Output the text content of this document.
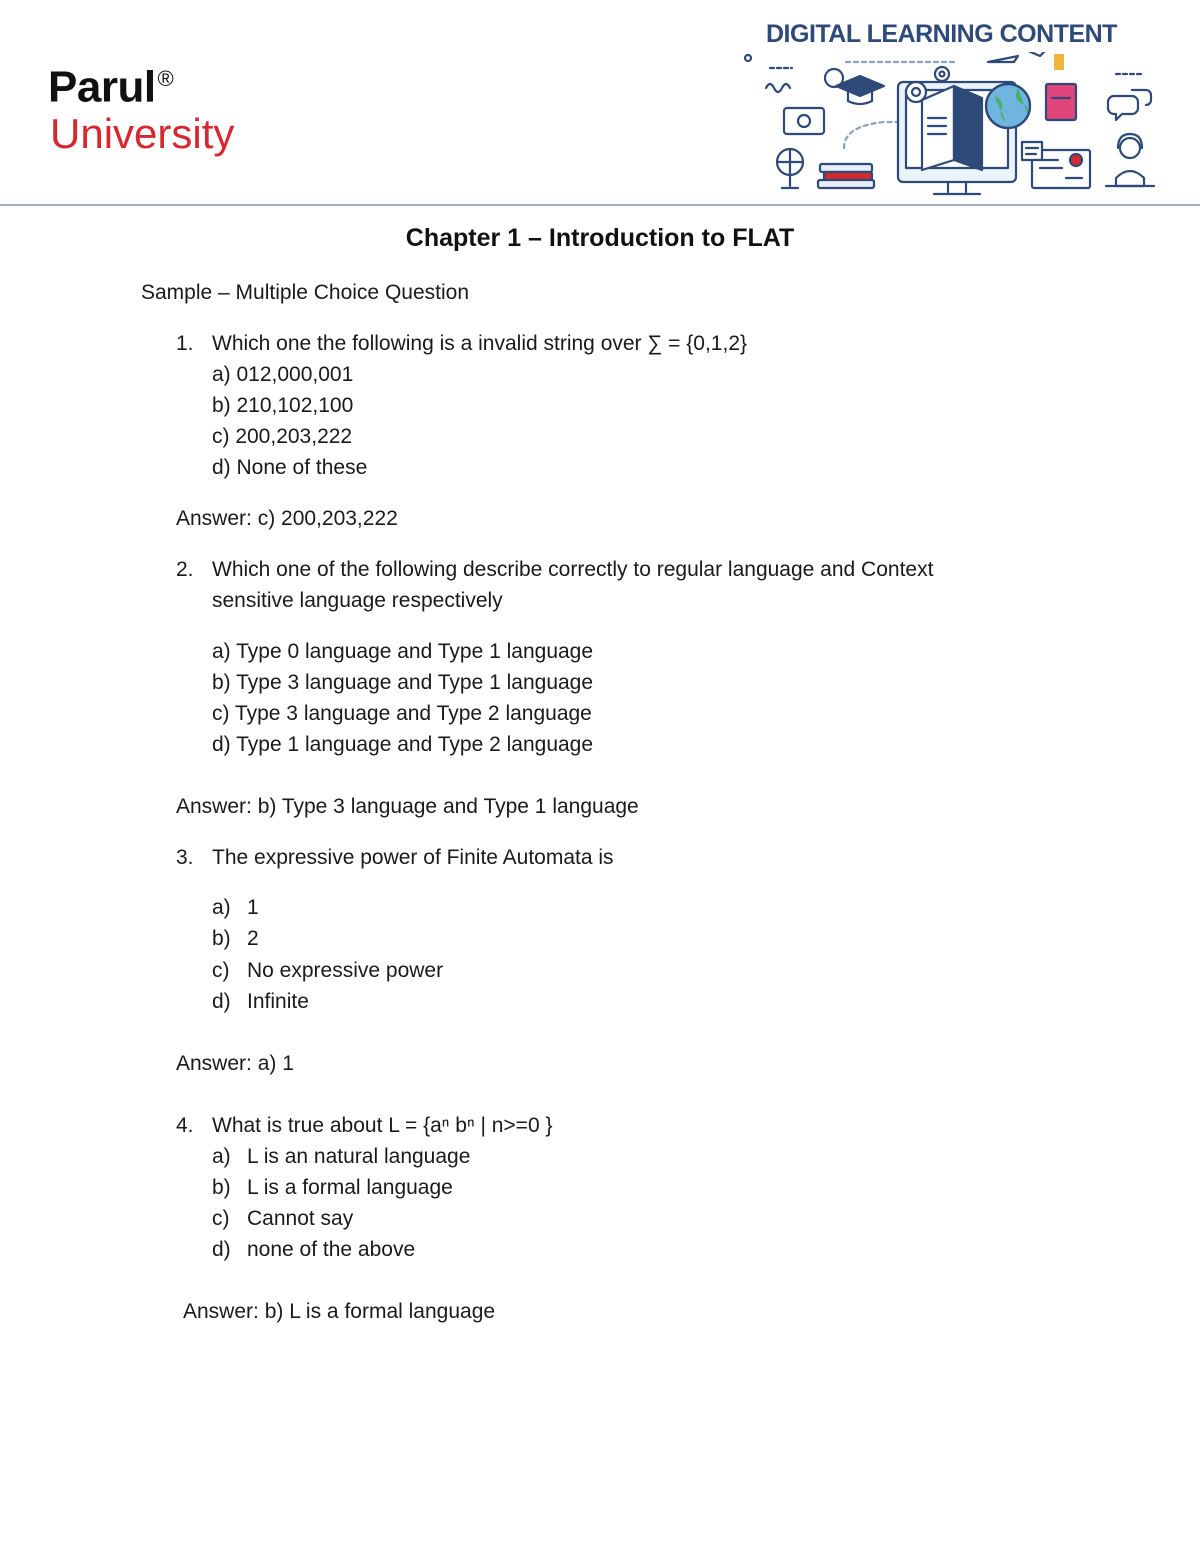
Parul®
University
DIGITAL LEARNING CONTENT
Chapter 1 – Introduction to FLAT
Sample – Multiple Choice Question
1. Which one the following is a invalid string over ∑ = {0,1,2}
a) 012,000,001
b) 210,102,100
c) 200,203,222
d) None of these
Answer: c) 200,203,222
2. Which one of the following describe correctly to regular language and Context
sensitive language respectively
a) Type 0 language and Type 1 language
b) Type 3 language and Type 1 language
c) Type 3 language and Type 2 language
d) Type 1 language and Type 2 language
Answer: b) Type 3 language and Type 1 language
3. The expressive power of Finite Automata is
a) 1
b) 2
c) No expressive power
d) Infinite
Answer: a) 1
4. What is true about L = {aⁿ bⁿ | n>=0 }
a) L is an natural language
b) L is a formal language
c) Cannot say
d) none of the above
Answer: b) L is a formal language
